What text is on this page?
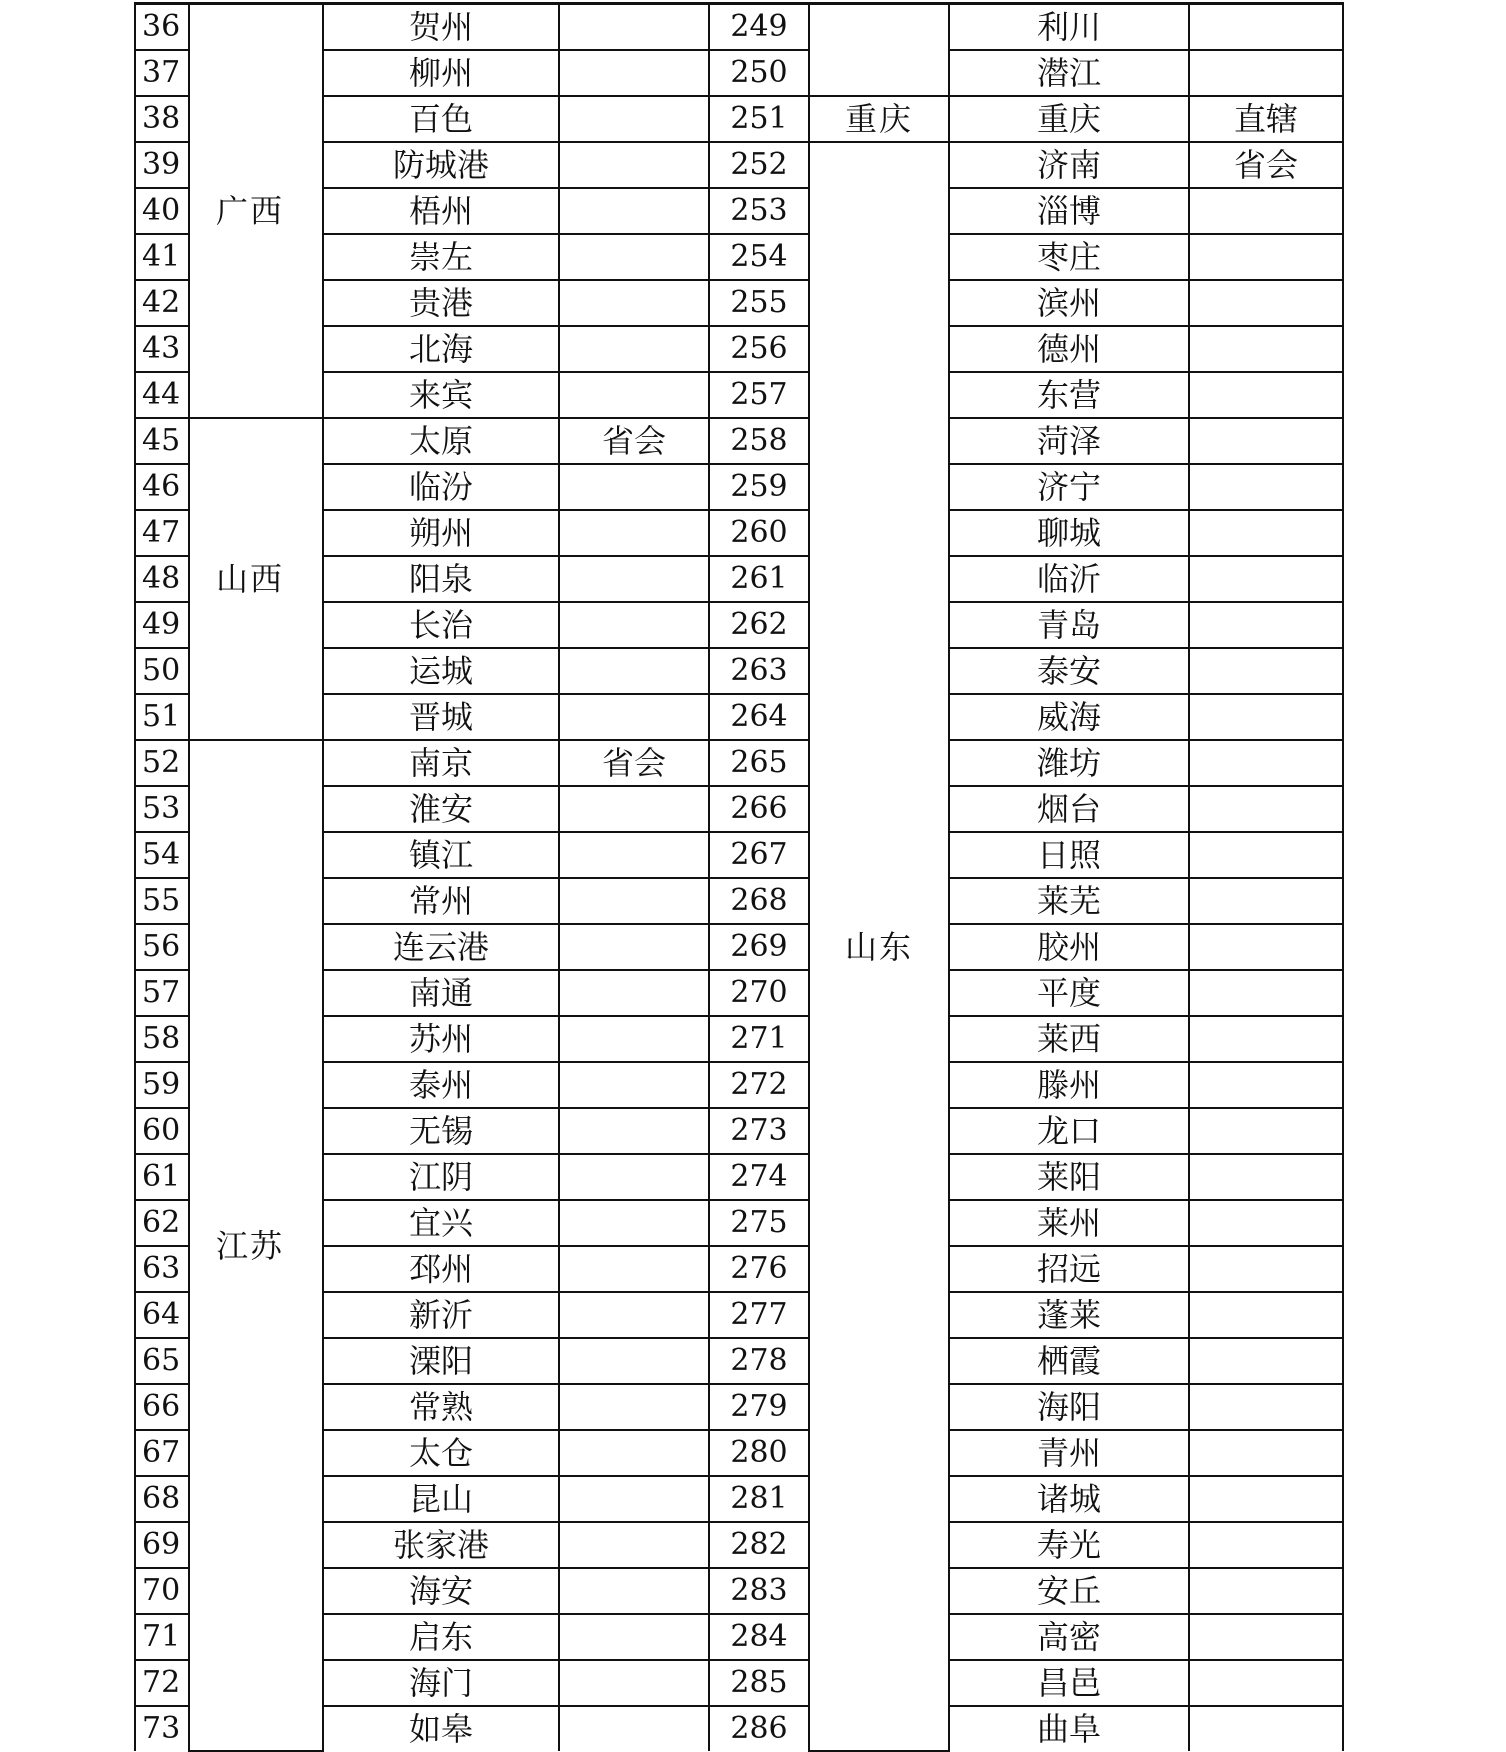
36	广西	贺州		249		利川	
37		柳州		250		潜江	
38		百色		251	重庆	重庆	直辖
39		防城港		252	山东	济南	省会
40		梧州		253		淄博	
41		崇左		254		枣庄	
42		贵港		255		滨州	
43		北海		256		德州	
44		来宾		257		东营	
45	山西	太原	省会	258		菏泽	
46		临汾		259		济宁	
47		朔州		260		聊城	
48		阳泉		261		临沂	
49		长治		262		青岛	
50		运城		263		泰安	
51		晋城		264		威海	
52	江苏	南京	省会	265		潍坊	
53		淮安		266		烟台	
54		镇江		267		日照	
55		常州		268		莱芜	
56		连云港		269		胶州	
57		南通		270		平度	
58		苏州		271		莱西	
59		泰州		272		滕州	
60		无锡		273		龙口	
61		江阴		274		莱阳	
62		宜兴		275		莱州	
63		邳州		276		招远	
64		新沂		277		蓬莱	
65		溧阳		278		栖霞	
66		常熟		279		海阳	
67		太仓		280		青州	
68		昆山		281		诸城	
69		张家港		282		寿光	
70		海安		283		安丘	
71		启东		284		高密	
72		海门		285		昌邑	
73		如皋		286		曲阜	
